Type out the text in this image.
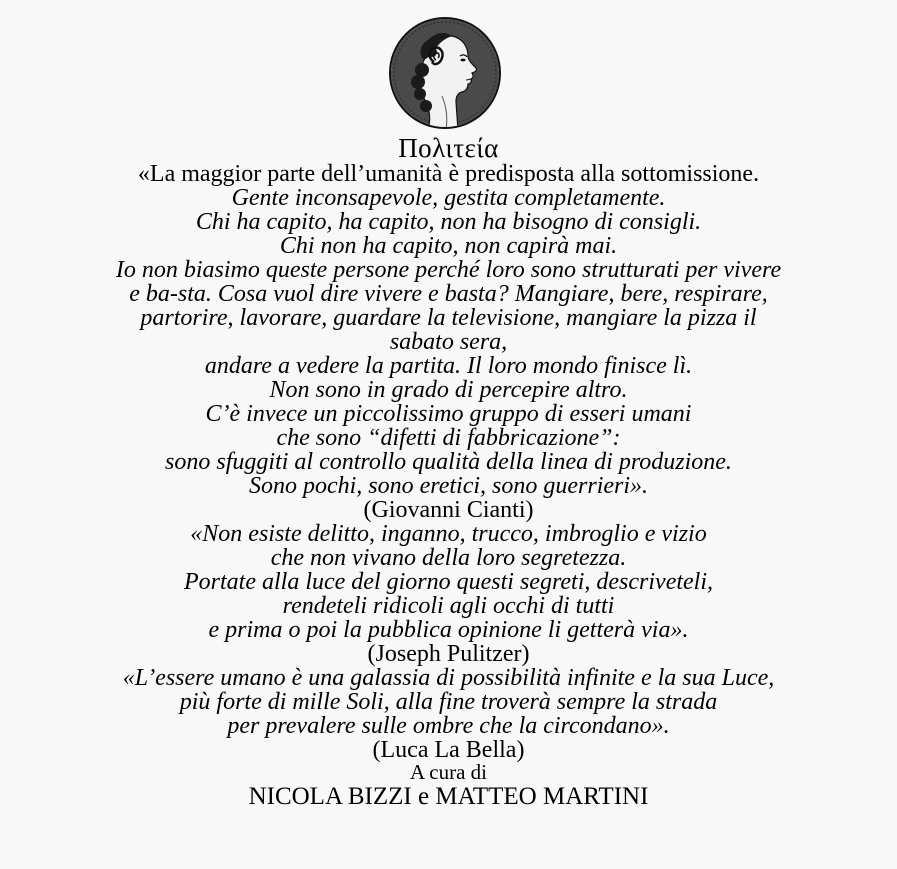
Πολιτεία
«La maggior parte dell’umanità è predisposta alla sottomissione.
Gente inconsapevole, gestita completamente.
Chi ha capito, ha capito, non ha bisogno di consigli.
Chi non ha capito, non capirà mai.
Io non biasimo queste persone perché loro sono strutturati per vivere
e ba-sta. Cosa vuol dire vivere e basta? Mangiare, bere, respirare,
partorire, lavorare, guardare la televisione, mangiare la pizza il
sabato sera,
andare a vedere la partita. Il loro mondo finisce lì.
Non sono in grado di percepire altro.
C’è invece un piccolissimo gruppo di esseri umani
che sono “difetti di fabbricazione”:
sono sfuggiti al controllo qualità della linea di produzione.
Sono pochi, sono eretici, sono guerrieri».
(Giovanni Cianti)
«Non esiste delitto, inganno, trucco, imbroglio e vizio
che non vivano della loro segretezza.
Portate alla luce del giorno questi segreti, descriveteli,
rendeteli ridicoli agli occhi di tutti
e prima o poi la pubblica opinione li getterà via».
(Joseph Pulitzer)
«L’essere umano è una galassia di possibilità infinite e la sua Luce,
più forte di mille Soli, alla fine troverà sempre la strada
per prevalere sulle ombre che la circondano».
(Luca La Bella)
A cura di
NICOLA BIZZI e MATTEO MARTINI
